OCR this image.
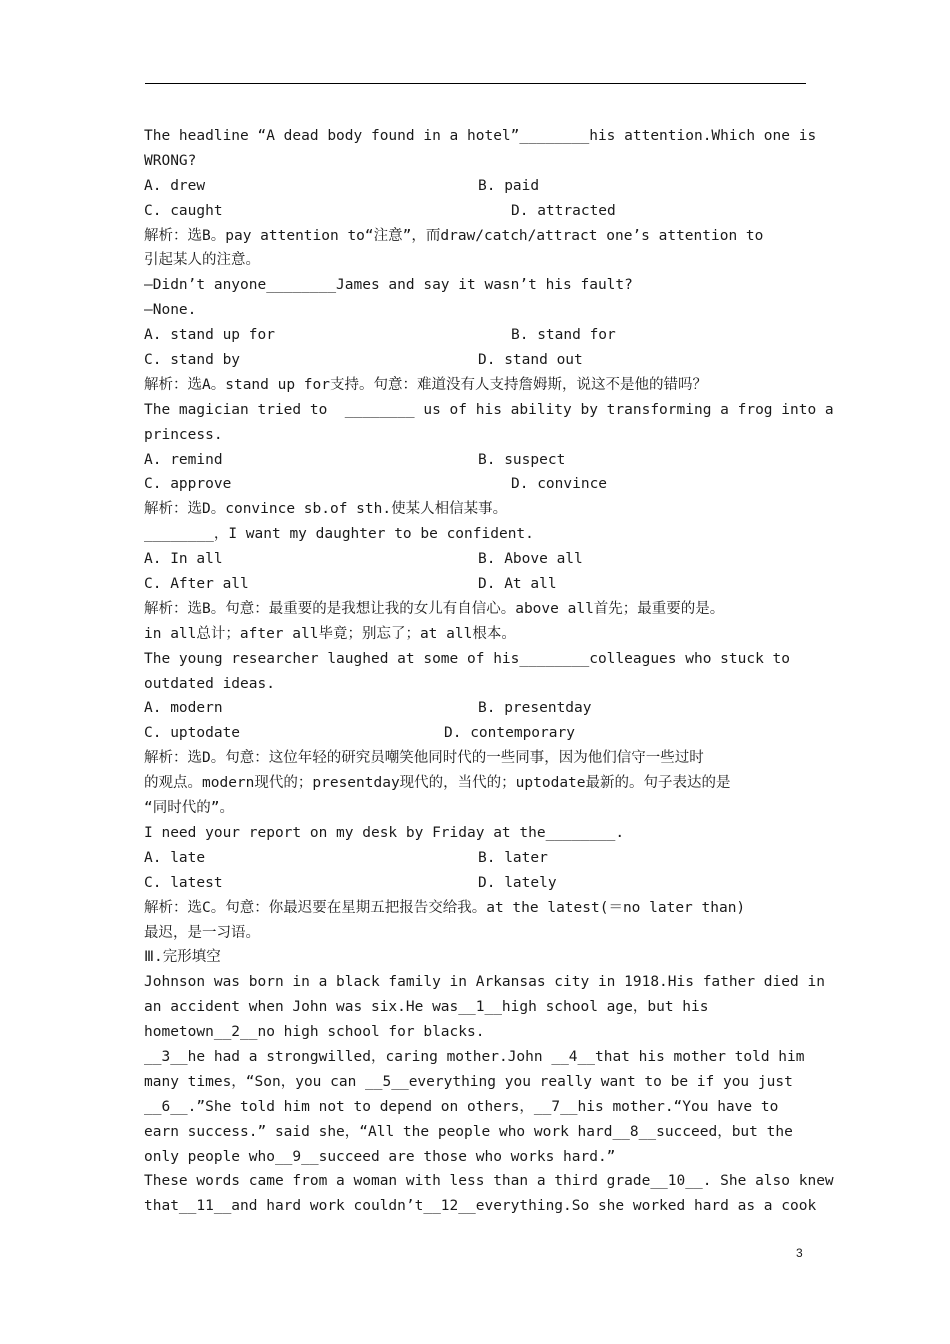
The headline “A dead body found in a hotel”________his attention.Which one is
WRONG?
A. drew	B. paid
C. caught	D. attracted
解析：选B。pay attention to“注意”，而draw/catch/attract one’s attention to
引起某人的注意。
—Didn’t anyone________James and say it wasn’t his fault?
—None.
A. stand up for	B. stand for
C. stand by	D. stand out
解析：选A。stand up for支持。句意：难道没有人支持詹姆斯，说这不是他的错吗？
The magician tried to  ________ us of his ability by transforming a frog into a
princess.
A. remind	B. suspect
C. approve	D. convince
解析：选D。convince sb.of sth.使某人相信某事。
________，I want my daughter to be confident.
A. In all	B. Above all
C. After all	D. At all
解析：选B。句意：最重要的是我想让我的女儿有自信心。above all首先；最重要的是。
in all总计；after all毕竟；别忘了；at all根本。
The young researcher laughed at some of his________colleagues who stuck to
outdated ideas.
A. modern	B. presentday
C. uptodate	D. contemporary
解析：选D。句意：这位年轻的研究员嘲笑他同时代的一些同事，因为他们信守一些过时
的观点。modern现代的；presentday现代的，当代的；uptodate最新的。句子表达的是
“同时代的”。
I need your report on my desk by Friday at the________.
A. late	B. later
C. latest	D. lately
解析：选C。句意：你最迟要在星期五把报告交给我。at the latest(＝no later than)
最迟，是一习语。
Ⅲ.完形填空
Johnson was born in a black family in Arkansas city in 1918.His father died in
an accident when John was six.He was__1__high school age，but his
hometown__2__no high school for blacks.
__3__he had a strongwilled，caring mother.John __4__that his mother told him
many times，“Son，you can __5__everything you really want to be if you just
__6__.”She told him not to depend on others，__7__his mother.“You have to
earn success.” said she，“All the people who work hard__8__succeed，but the
only people who__9__succeed are those who works hard.”
These words came from a woman with less than a third grade__10__. She also knew
that__11__and hard work couldn’t__12__everything.So she worked hard as a cook
3
